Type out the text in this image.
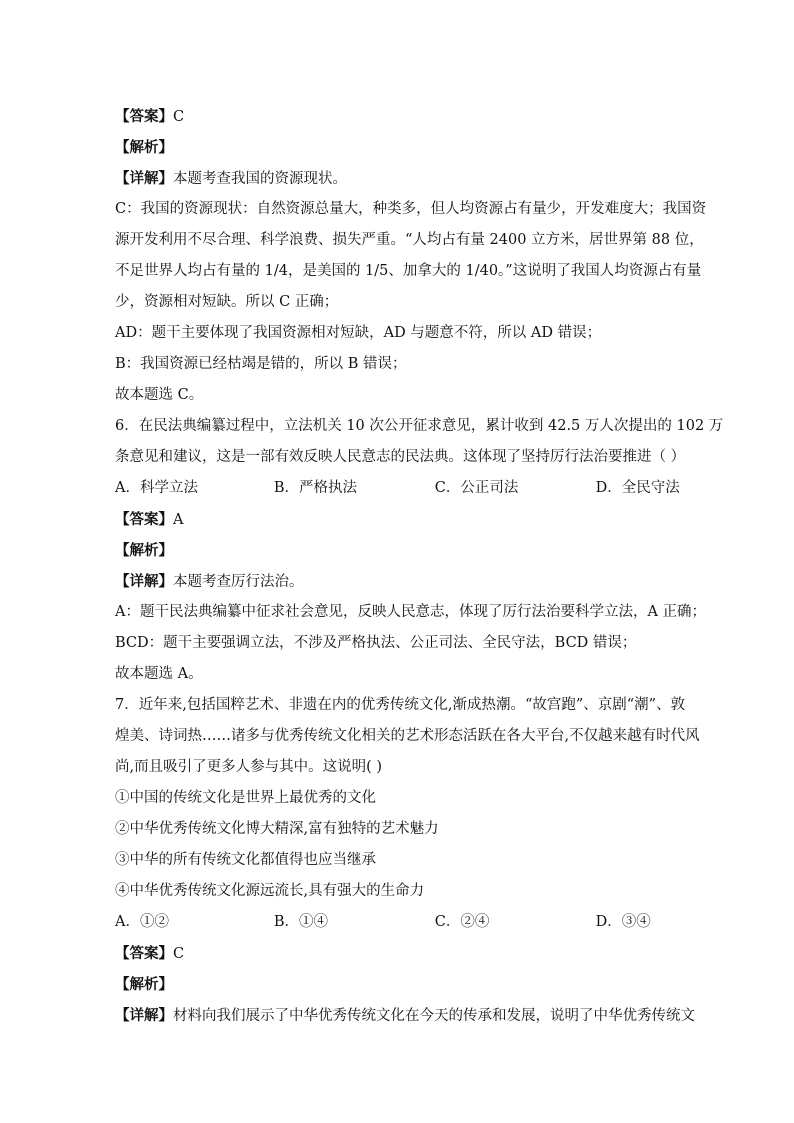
【答案】C
【解析】
【详解】本题考查我国的资源现状。
C：我国的资源现状：自然资源总量大，种类多，但人均资源占有量少，开发难度大；我国资
源开发利用不尽合理、科学浪费、损失严重。“人均占有量 2400 立方米，居世界第 88 位，
不足世界人均占有量的 1/4，是美国的 1/5、加拿大的 1/40。”这说明了我国人均资源占有量
少，资源相对短缺。所以 C 正确；
AD：题干主要体现了我国资源相对短缺，AD 与题意不符，所以 AD 错误；
B：我国资源已经枯竭是错的，所以 B 错误；
故本题选 C。
6．在民法典编纂过程中，立法机关 10 次公开征求意见，累计收到 42.5 万人次提出的 102 万
条意见和建议，这是一部有效反映人民意志的民法典。这体现了坚持厉行法治要推进（ ）
A．科学立法	B．严格执法	C．公正司法	D．全民守法
【答案】A
【解析】
【详解】本题考查厉行法治。
A：题干民法典编纂中征求社会意见，反映人民意志，体现了厉行法治要科学立法，A 正确；
BCD：题干主要强调立法，不涉及严格执法、公正司法、全民守法，BCD 错误；
故本题选 A。
7．近年来,包括国粹艺术、非遗在内的优秀传统文化,渐成热潮。“故宫跑”、京剧“潮”、敦
煌美、诗词热……诸多与优秀传统文化相关的艺术形态活跃在各大平台,不仅越来越有时代风
尚,而且吸引了更多人参与其中。这说明( )
①中国的传统文化是世界上最优秀的文化
②中华优秀传统文化博大精深,富有独特的艺术魅力
③中华的所有传统文化都值得也应当继承
④中华优秀传统文化源远流长,具有强大的生命力
A．①②	B．①④	C．②④	D．③④
【答案】C
【解析】
【详解】材料向我们展示了中华优秀传统文化在今天的传承和发展，说明了中华优秀传统文
